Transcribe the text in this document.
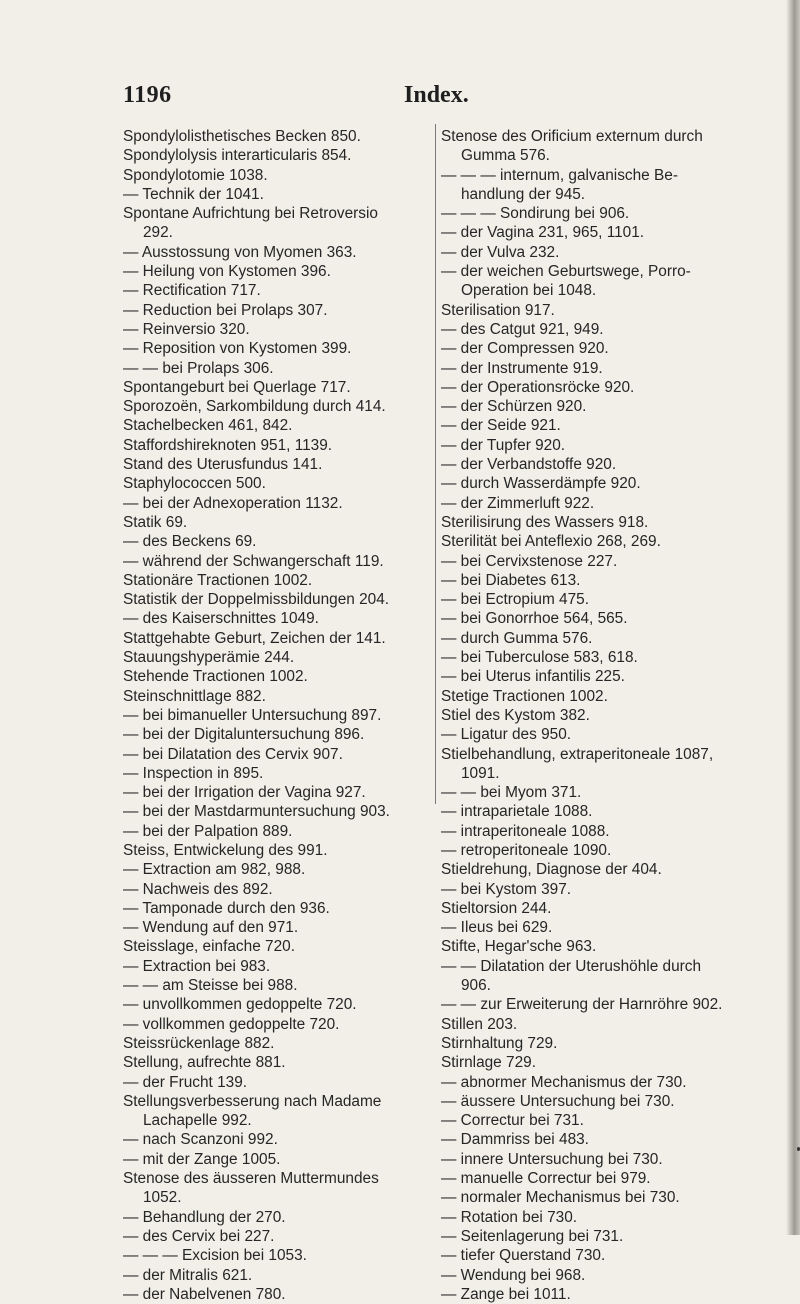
1196	Index.
Spondylolisthetisches Becken 850.
Spondylolysis interarticularis 854.
Spondylotomie 1038.
— Technik der 1041.
Spontane Aufrichtung bei Retroversio
292.
— Ausstossung von Myomen 363.
— Heilung von Kystomen 396.
— Rectification 717.
— Reduction bei Prolaps 307.
— Reinversio 320.
— Reposition von Kystomen 399.
— — bei Prolaps 306.
Spontangeburt bei Querlage 717.
Sporozoën, Sarkombildung durch 414.
Stachelbecken 461, 842.
Staffordshireknoten 951, 1139.
Stand des Uterusfundus 141.
Staphylococcen 500.
— bei der Adnexoperation 1132.
Statik 69.
— des Beckens 69.
— während der Schwangerschaft 119.
Stationäre Tractionen 1002.
Statistik der Doppelmissbildungen 204.
— des Kaiserschnittes 1049.
Stattgehabte Geburt, Zeichen der 141.
Stauungshyperämie 244.
Stehende Tractionen 1002.
Steinschnittlage 882.
— bei bimanueller Untersuchung 897.
— bei der Digitaluntersuchung 896.
— bei Dilatation des Cervix 907.
— Inspection in 895.
— bei der Irrigation der Vagina 927.
— bei der Mastdarmuntersuchung 903.
— bei der Palpation 889.
Steiss, Entwickelung des 991.
— Extraction am 982, 988.
— Nachweis des 892.
— Tamponade durch den 936.
— Wendung auf den 971.
Steisslage, einfache 720.
— Extraction bei 983.
— — am Steisse bei 988.
— unvollkommen gedoppelte 720.
— vollkommen gedoppelte 720.
Steissrückenlage 882.
Stellung, aufrechte 881.
— der Frucht 139.
Stellungsverbesserung nach Madame
Lachapelle 992.
— nach Scanzoni 992.
— mit der Zange 1005.
Stenose des äusseren Muttermundes
1052.
— Behandlung der 270.
— des Cervix bei 227.
— — — Excision bei 1053.
— der Mitralis 621.
— der Nabelvenen 780.
Stenose des Orificium externum durch
Gumma 576.
— — — internum, galvanische Be-
handlung der 945.
— — — Sondirung bei 906.
— der Vagina 231, 965, 1101.
— der Vulva 232.
— der weichen Geburtswege, Porro-
Operation bei 1048.
Sterilisation 917.
— des Catgut 921, 949.
— der Compressen 920.
— der Instrumente 919.
— der Operationsröcke 920.
— der Schürzen 920.
— der Seide 921.
— der Tupfer 920.
— der Verbandstoffe 920.
— durch Wasserdämpfe 920.
— der Zimmerluft 922.
Sterilisirung des Wassers 918.
Sterilität bei Anteflexio 268, 269.
— bei Cervixstenose 227.
— bei Diabetes 613.
— bei Ectropium 475.
— bei Gonorrhoe 564, 565.
— durch Gumma 576.
— bei Tuberculose 583, 618.
— bei Uterus infantilis 225.
Stetige Tractionen 1002.
Stiel des Kystom 382.
— Ligatur des 950.
Stielbehandlung, extraperitoneale 1087,
1091.
— — bei Myom 371.
— intraparietale 1088.
— intraperitoneale 1088.
— retroperitoneale 1090.
Stieldrehung, Diagnose der 404.
— bei Kystom 397.
Stieltorsion 244.
— Ileus bei 629.
Stifte, Hegar'sche 963.
— — Dilatation der Uterushöhle durch
906.
— — zur Erweiterung der Harnröhre 902.
Stillen 203.
Stirnhaltung 729.
Stirnlage 729.
— abnormer Mechanismus der 730.
— äussere Untersuchung bei 730.
— Correctur bei 731.
— Dammriss bei 483.
— innere Untersuchung bei 730.
— manuelle Correctur bei 979.
— normaler Mechanismus bei 730.
— Rotation bei 730.
— Seitenlagerung bei 731.
— tiefer Querstand 730.
— Wendung bei 968.
— Zange bei 1011.
